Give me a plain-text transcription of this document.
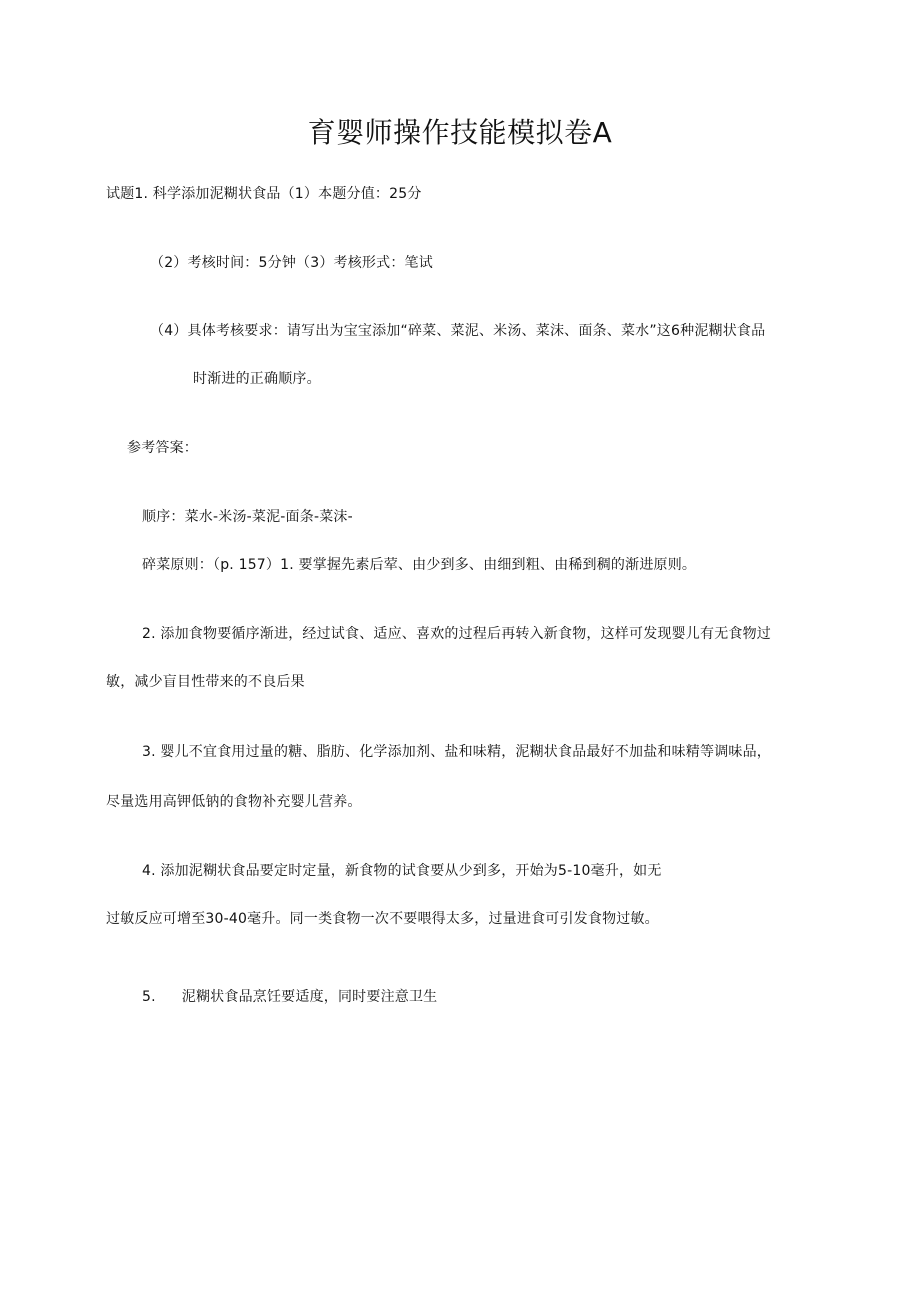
育婴师操作技能模拟卷A
试题1. 科学添加泥糊状食品（1）本题分值：25分
（2）考核时间：5分钟（3）考核形式：笔试
（4）具体考核要求：请写出为宝宝添加“碎菜、菜泥、米汤、菜沫、面条、菜水”这6种泥糊状食品
时渐进的正确顺序。
参考答案：
顺序：菜水-米汤-菜泥-面条-菜沫-
碎菜原则：（p. 157）1. 要掌握先素后荤、由少到多、由细到粗、由稀到稠的渐进原则。
2. 添加食物要循序渐进，经过试食、适应、喜欢的过程后再转入新食物，这样可发现婴儿有无食物过
敏，减少盲目性带来的不良后果
3. 婴儿不宜食用过量的糖、脂肪、化学添加剂、盐和味精，泥糊状食品最好不加盐和味精等调味品，
尽量选用高钾低钠的食物补充婴儿营养。
4. 添加泥糊状食品要定时定量，新食物的试食要从少到多，开始为5-10毫升，如无
过敏反应可增至30-40毫升。同一类食物一次不要喂得太多，过量进食可引发食物过敏。
5. 泥糊状食品烹饪要适度，同时要注意卫生
